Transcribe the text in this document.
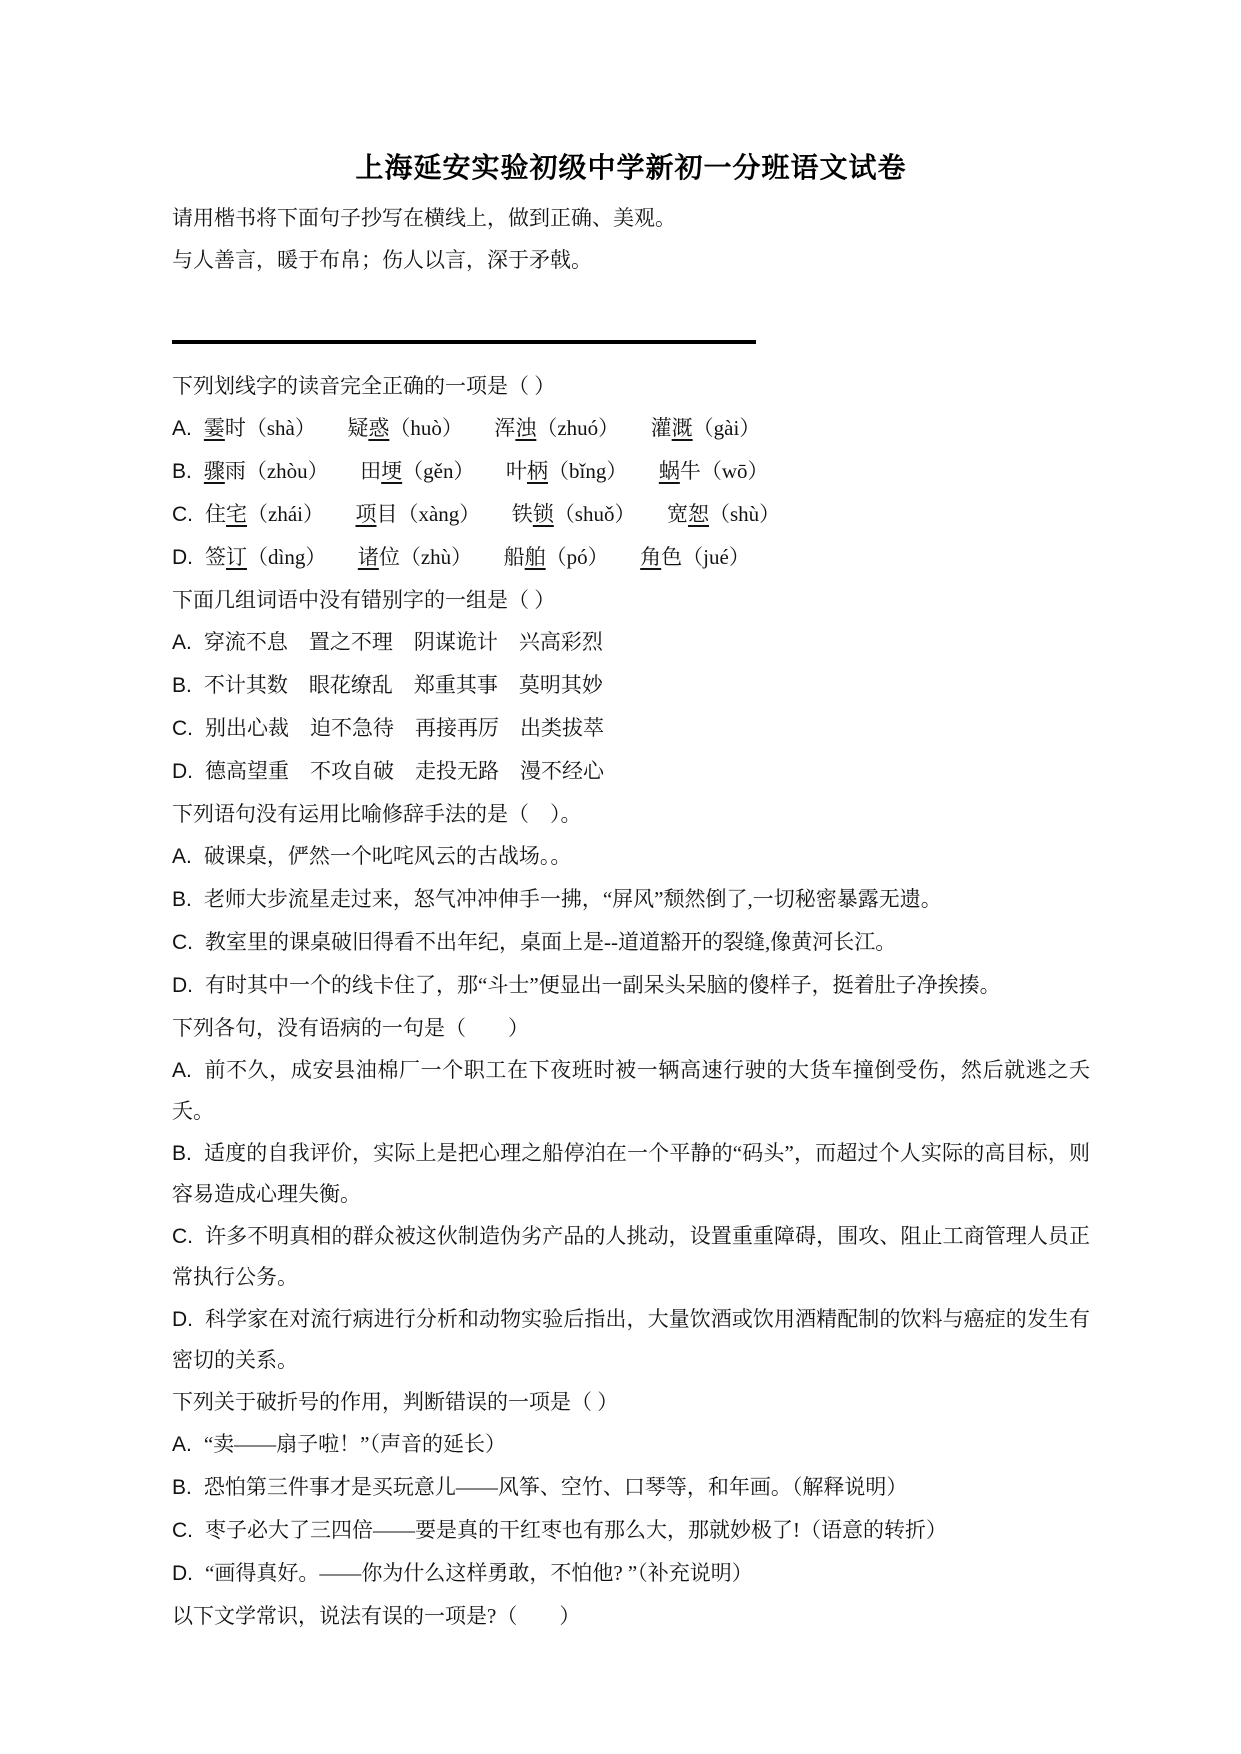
上海延安实验初级中学新初一分班语文试卷

请用楷书将下面句子抄写在横线上，做到正确、美观。

与人善言，暖于布帛；伤人以言，深于矛戟。

下列划线字的读音完全正确的一项是（ ）

A. 霎时（shà）　　疑惑（huò）　　浑浊（zhuó）　　灌溉（gài）

B. 骤雨（zhòu）　　田埂（gěn）　　叶柄（bǐng）　　蜗牛（wō）

C. 住宅（zhái）　　项目（xàng）　　铁锁（shuǒ）　　宽恕（shù）

D. 签订（dìng）　　诸位（zhù）　　船舶（pó）　　角色（jué）

下面几组词语中没有错别字的一组是（ ）

A. 穿流不息　置之不理　阴谋诡计　兴高彩烈

B. 不计其数　眼花缭乱　郑重其事　莫明其妙

C. 别出心裁　迫不急待　再接再厉　出类拔萃

D. 德高望重　不攻自破　走投无路　漫不经心

下列语句没有运用比喻修辞手法的是（　）。

A. 破课桌，俨然一个叱咤风云的古战场。。

B. 老师大步流星走过来，怒气冲冲伸手一拂，“屏风”颓然倒了,一切秘密暴露无遗。

C. 教室里的课桌破旧得看不出年纪，桌面上是--道道豁开的裂缝,像黄河长江。

D. 有时其中一个的线卡住了，那“斗士”便显出一副呆头呆脑的傻样子，挺着肚子净挨揍。

下列各句，没有语病的一句是（　　）

A. 前不久，成安县油棉厂一个职工在下夜班时被一辆高速行驶的大货车撞倒受伤，然后就逃之夭夭。

B. 适度的自我评价，实际上是把心理之船停泊在一个平静的“码头”，而超过个人实际的高目标，则容易造成心理失衡。

C. 许多不明真相的群众被这伙制造伪劣产品的人挑动，设置重重障碍，围攻、阻止工商管理人员正常执行公务。

D. 科学家在对流行病进行分析和动物实验后指出，大量饮酒或饮用酒精配制的饮料与癌症的发生有密切的关系。

下列关于破折号的作用，判断错误的一项是（ ）

A. “卖——扇子啦！”（声音的延长）

B. 恐怕第三件事才是买玩意儿——风筝、空竹、口琴等，和年画。（解释说明）

C. 枣子必大了三四倍——要是真的干红枣也有那么大，那就妙极了!（语意的转折）

D. “画得真好。——你为什么这样勇敢，不怕他? ”（补充说明）

以下文学常识，说法有误的一项是?（　　）
